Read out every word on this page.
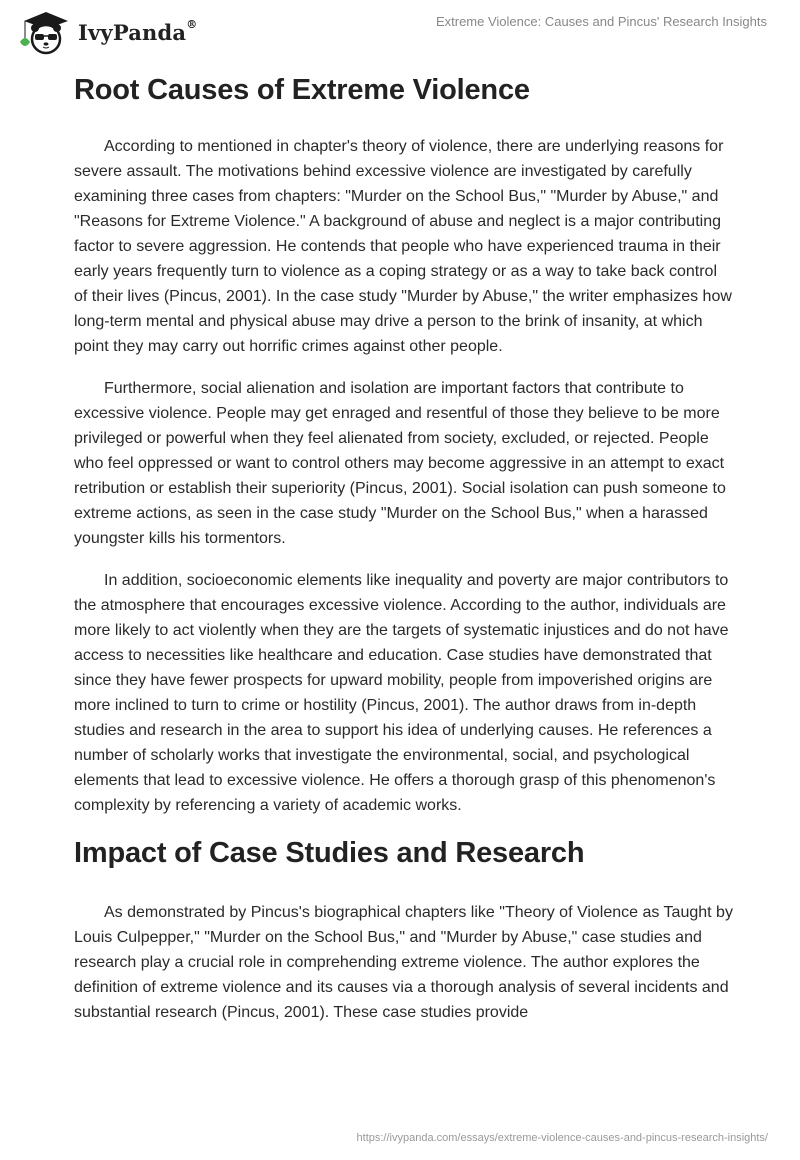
IvyPanda®	Extreme Violence: Causes and Pincus' Research Insights
Root Causes of Extreme Violence

According to mentioned in chapter's theory of violence, there are underlying reasons for severe assault. The motivations behind excessive violence are investigated by carefully examining three cases from chapters: "Murder on the School Bus," "Murder by Abuse," and "Reasons for Extreme Violence." A background of abuse and neglect is a major contributing factor to severe aggression. He contends that people who have experienced trauma in their early years frequently turn to violence as a coping strategy or as a way to take back control of their lives (Pincus, 2001). In the case study "Murder by Abuse," the writer emphasizes how long-term mental and physical abuse may drive a person to the brink of insanity, at which point they may carry out horrific crimes against other people.

Furthermore, social alienation and isolation are important factors that contribute to excessive violence. People may get enraged and resentful of those they believe to be more privileged or powerful when they feel alienated from society, excluded, or rejected. People who feel oppressed or want to control others may become aggressive in an attempt to exact retribution or establish their superiority (Pincus, 2001). Social isolation can push someone to extreme actions, as seen in the case study "Murder on the School Bus," when a harassed youngster kills his tormentors.

In addition, socioeconomic elements like inequality and poverty are major contributors to the atmosphere that encourages excessive violence. According to the author, individuals are more likely to act violently when they are the targets of systematic injustices and do not have access to necessities like healthcare and education. Case studies have demonstrated that since they have fewer prospects for upward mobility, people from impoverished origins are more inclined to turn to crime or hostility (Pincus, 2001). The author draws from in-depth studies and research in the area to support his idea of underlying causes. He references a number of scholarly works that investigate the environmental, social, and psychological elements that lead to excessive violence. He offers a thorough grasp of this phenomenon's complexity by referencing a variety of academic works.

Impact of Case Studies and Research

As demonstrated by Pincus's biographical chapters like "Theory of Violence as Taught by Louis Culpepper," "Murder on the School Bus," and "Murder by Abuse," case studies and research play a crucial role in comprehending extreme violence. The author explores the definition of extreme violence and its causes via a thorough analysis of several incidents and substantial research (Pincus, 2001). These case studies provide

https://ivypanda.com/essays/extreme-violence-causes-and-pincus-research-insights/
